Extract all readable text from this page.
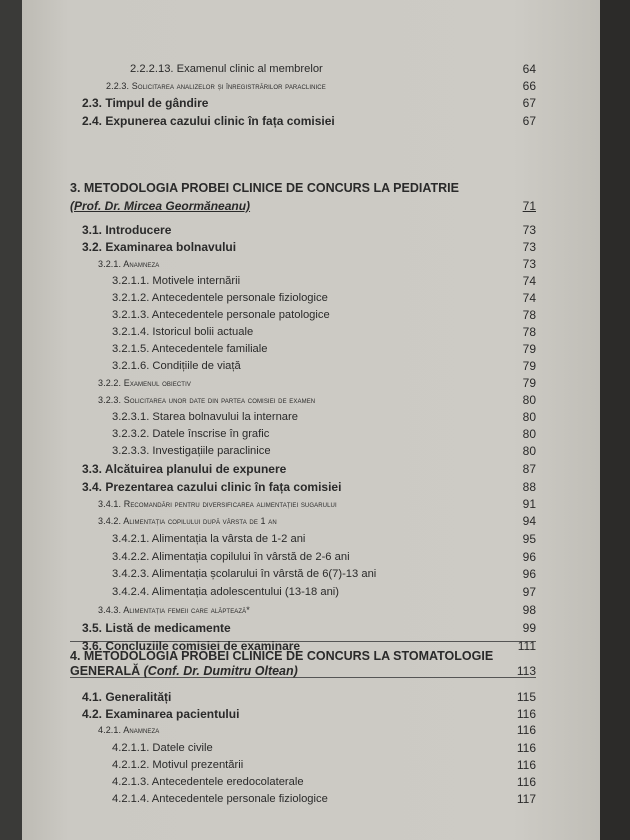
2.2.2.13. Examenul clinic al membrelor	64
2.2.3. Solicitarea analizelor și înregistrărilor paraclinice	66
2.3. Timpul de gândire	67
2.4. Expunerea cazului clinic în fața comisiei	67
3. METODOLOGIA PROBEI CLINICE DE CONCURS LA PEDIATRIE
(Prof. Dr. Mircea Geormăneanu)	71
3.1. Introducere	73
3.2. Examinarea bolnavului	73
3.2.1. Anamneza	73
3.2.1.1. Motivele internării	74
3.2.1.2. Antecedentele personale fiziologice	74
3.2.1.3. Antecedentele personale patologice	78
3.2.1.4. Istoricul bolii actuale	78
3.2.1.5. Antecedentele familiale	79
3.2.1.6. Condițiile de viață	79
3.2.2. Examenul obiectiv	79
3.2.3. Solicitarea unor date din partea comisiei de examen	80
3.2.3.1. Starea bolnavului la internare	80
3.2.3.2. Datele înscrise în grafic	80
3.2.3.3. Investigațiile paraclinice	80
3.3. Alcătuirea planului de expunere	87
3.4. Prezentarea cazului clinic în fața comisiei	88
3.4.1. Recomandări pentru diversificarea alimentației sugarului	91
3.4.2. Alimentația copilului după vârsta de 1 an	94
3.4.2.1. Alimentația la vârsta de 1-2 ani	95
3.4.2.2. Alimentația copilului în vârstă de 2-6 ani	96
3.4.2.3. Alimentația școlarului în vârstă de 6(7)-13 ani	96
3.4.2.4. Alimentația adolescentului (13-18 ani)	97
3.4.3. Alimentația femeii care alăptează*	98
3.5. Listă de medicamente	99
3.6. Concluziile comisiei de examinare	111
4. METODOLOGIA PROBEI CLINICE DE CONCURS LA STOMATOLOGIE
GENERALĂ (Conf. Dr. Dumitru Oltean)	113
4.1. Generalități	115
4.2. Examinarea pacientului	116
4.2.1. Anamneza	116
4.2.1.1. Datele civile	116
4.2.1.2. Motivul prezentării	116
4.2.1.3. Antecedentele eredocolaterale	116
4.2.1.4. Antecedentele personale fiziologice	117
